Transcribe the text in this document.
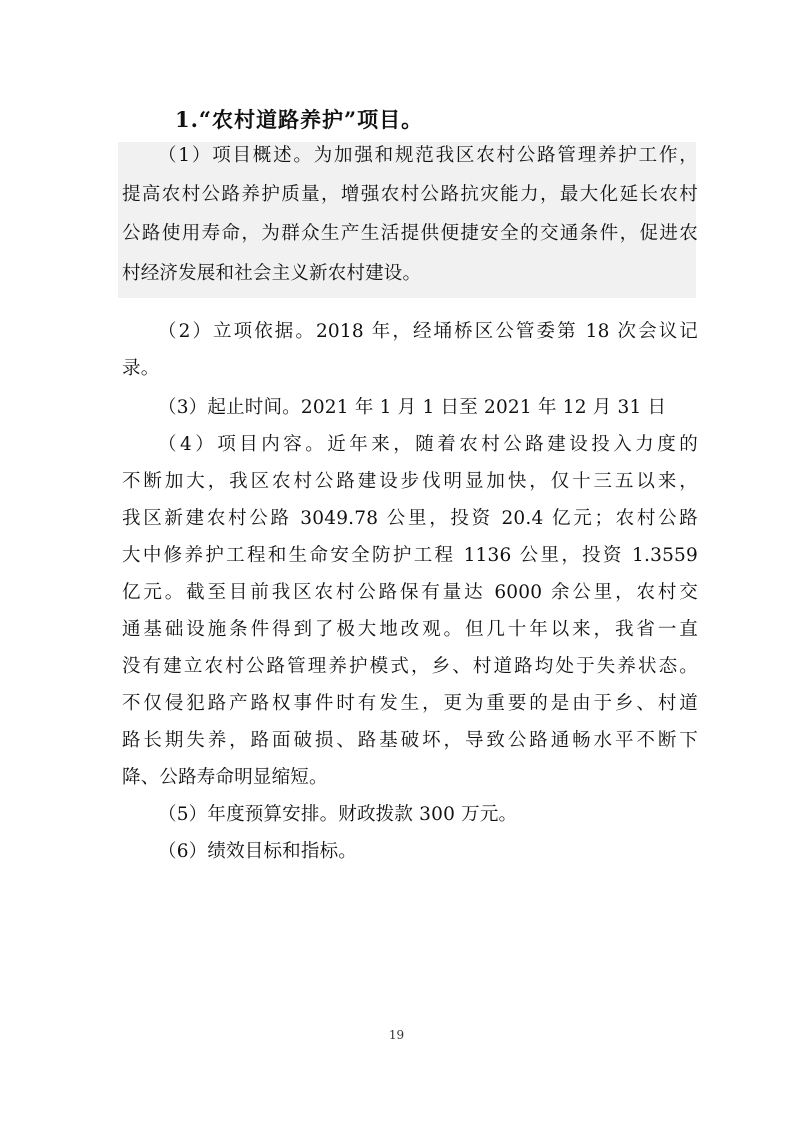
1.“农村道路养护”项目。
（1）项目概述。为加强和规范我区农村公路管理养护工作，
提高农村公路养护质量，增强农村公路抗灾能力，最大化延长农村
公路使用寿命，为群众生产生活提供便捷安全的交通条件，促进农
村经济发展和社会主义新农村建设。
（2）立项依据。2018 年，经埇桥区公管委第 18 次会议记
录。
（3）起止时间。2021 年 1 月 1 日至 2021 年 12 月 31 日
（4）项目内容。近年来，随着农村公路建设投入力度的
不断加大，我区农村公路建设步伐明显加快，仅十三五以来，
我区新建农村公路 3049.78 公里，投资 20.4 亿元；农村公路
大中修养护工程和生命安全防护工程 1136 公里，投资 1.3559
亿元。截至目前我区农村公路保有量达 6000 余公里，农村交
通基础设施条件得到了极大地改观。但几十年以来，我省一直
没有建立农村公路管理养护模式，乡、村道路均处于失养状态。
不仅侵犯路产路权事件时有发生，更为重要的是由于乡、村道
路长期失养，路面破损、路基破坏，导致公路通畅水平不断下
降、公路寿命明显缩短。
（5）年度预算安排。财政拨款 300 万元。
（6）绩效目标和指标。
19
